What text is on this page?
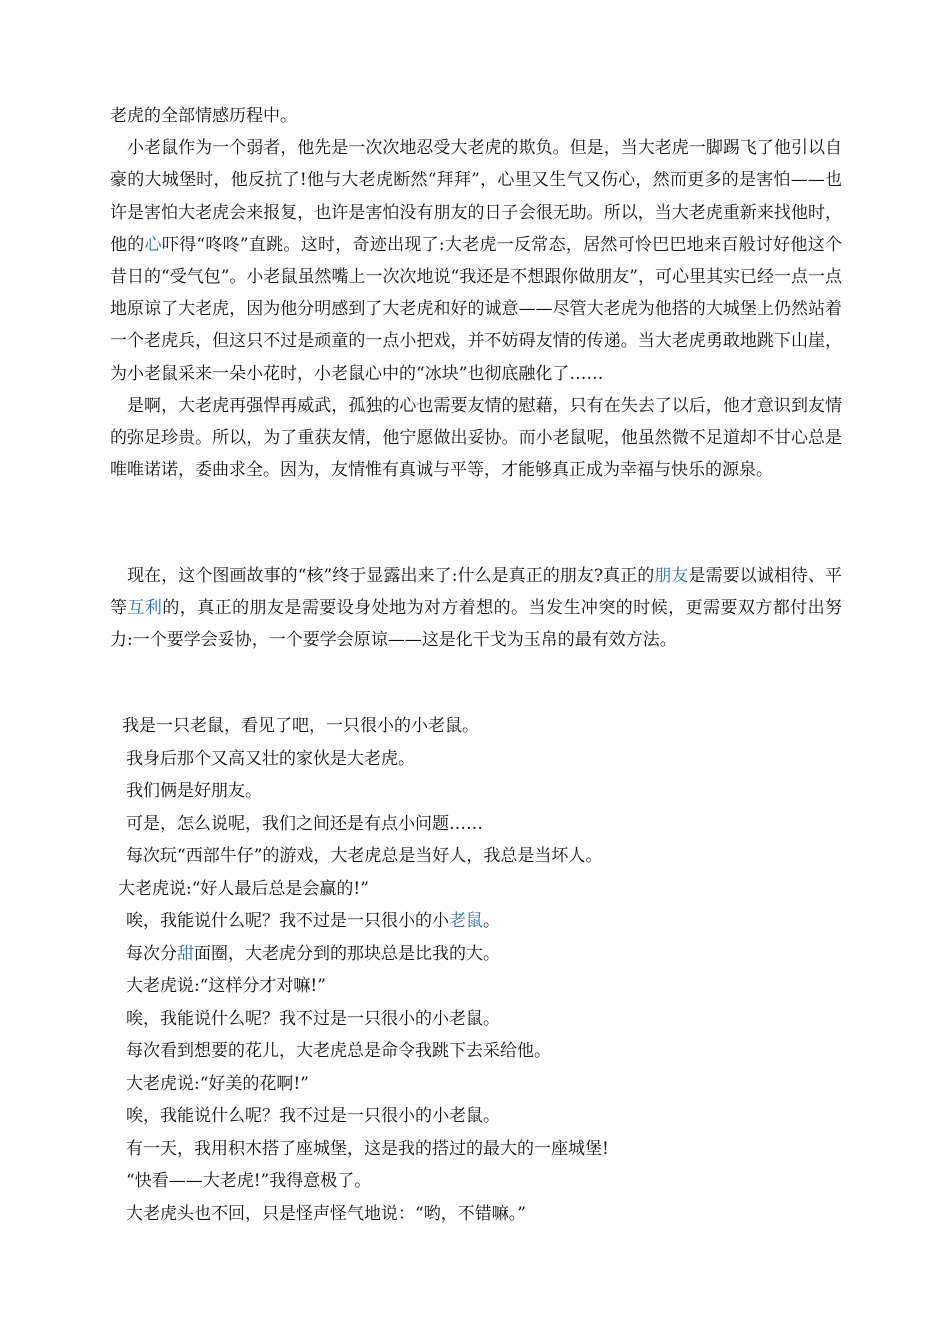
老虎的全部情感历程中。

　小老鼠作为一个弱者，他先是一次次地忍受大老虎的欺负。但是，当大老虎一脚踢飞了他引以自豪的大城堡时，他反抗了!他与大老虎断然“拜拜”，心里又生气又伤心，然而更多的是害怕——也许是害怕大老虎会来报复，也许是害怕没有朋友的日子会很无助。所以，当大老虎重新来找他时，他的心吓得“咚咚”直跳。这时，奇迹出现了:大老虎一反常态，居然可怜巴巴地来百般讨好他这个昔日的“受气包”。小老鼠虽然嘴上一次次地说“我还是不想跟你做朋友”，可心里其实已经一点一点地原谅了大老虎，因为他分明感到了大老虎和好的诚意——尽管大老虎为他搭的大城堡上仍然站着一个老虎兵，但这只不过是顽童的一点小把戏，并不妨碍友情的传递。当大老虎勇敢地跳下山崖，为小老鼠采来一朵小花时，小老鼠心中的“冰块”也彻底融化了……

　是啊，大老虎再强悍再威武，孤独的心也需要友情的慰藉，只有在失去了以后，他才意识到友情的弥足珍贵。所以，为了重获友情，他宁愿做出妥协。而小老鼠呢，他虽然微不足道却不甘心总是唯唯诺诺，委曲求全。因为，友情惟有真诚与平等，才能够真正成为幸福与快乐的源泉。

　现在，这个图画故事的“核”终于显露出来了:什么是真正的朋友?真正的朋友是需要以诚相待、平等互利的，真正的朋友是需要设身处地为对方着想的。当发生冲突的时候，更需要双方都付出努力:一个要学会妥协，一个要学会原谅——这是化干戈为玉帛的最有效方法。

我是一只老鼠，看见了吧，一只很小的小老鼠。

我身后那个又高又壮的家伙是大老虎。

我们俩是好朋友。

可是，怎么说呢，我们之间还是有点小问题……

每次玩“西部牛仔”的游戏，大老虎总是当好人，我总是当坏人。

大老虎说:“好人最后总是会赢的!”

唉，我能说什么呢？我不过是一只很小的小老鼠。

每次分甜面圈，大老虎分到的那块总是比我的大。

大老虎说:“这样分才对嘛!”

唉，我能说什么呢？我不过是一只很小的小老鼠。

每次看到想要的花儿，大老虎总是命令我跳下去采给他。

大老虎说:“好美的花啊!”

唉，我能说什么呢？我不过是一只很小的小老鼠。

有一天，我用积木搭了座城堡，这是我的搭过的最大的一座城堡!

“快看——大老虎!”我得意极了。

大老虎头也不回，只是怪声怪气地说：“哟，不错嘛。”
